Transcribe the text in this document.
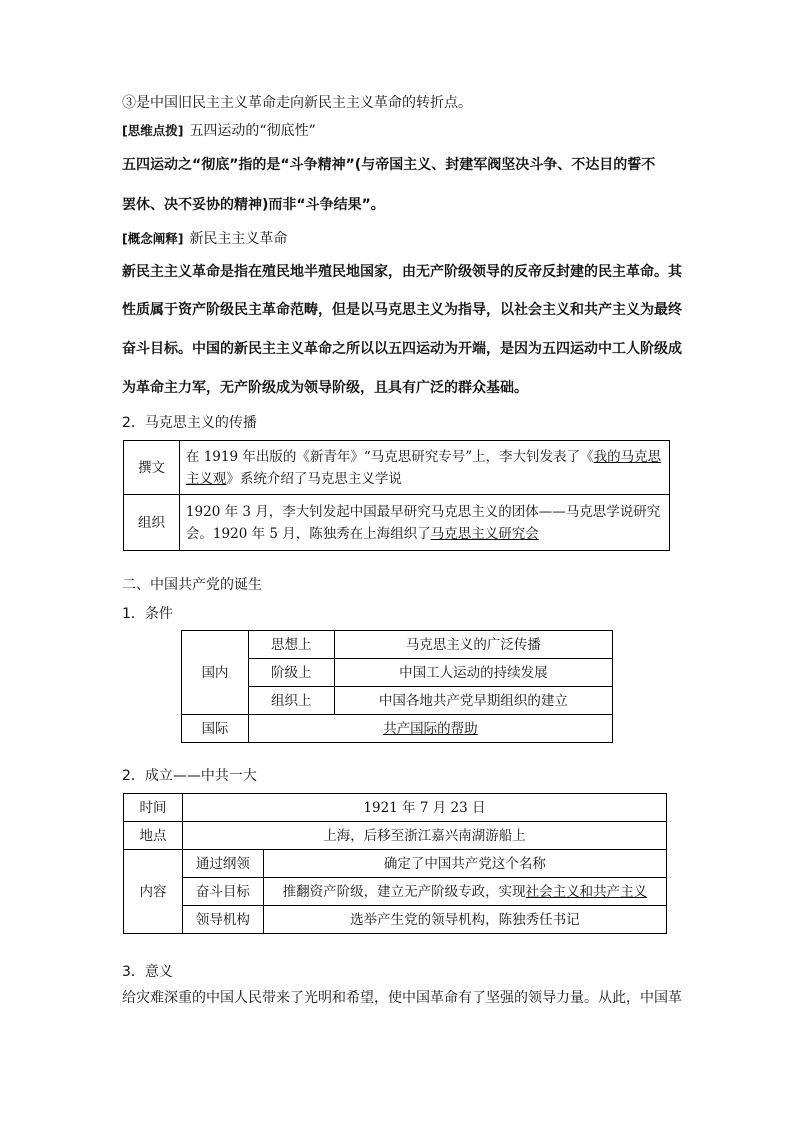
③是中国旧民主主义革命走向新民主主义革命的转折点。
[思维点拨] 五四运动的“彻底性”
五四运动之“彻底”指的是“斗争精神”(与帝国主义、封建军阀坚决斗争、不达目的誓不
罢休、决不妥协的精神)而非“斗争结果”。
[概念阐释] 新民主主义革命
新民主主义革命是指在殖民地半殖民地国家，由无产阶级领导的反帝反封建的民主革命。其
性质属于资产阶级民主革命范畴，但是以马克思主义为指导，以社会主义和共产主义为最终
奋斗目标。中国的新民主主义革命之所以以五四运动为开端，是因为五四运动中工人阶级成
为革命主力军，无产阶级成为领导阶级，且具有广泛的群众基础。
2．马克思主义的传播
撰文	在 1919 年出版的《新青年》“马克思研究专号”上，李大钊发表了《我的马克思主义观》系统介绍了马克思主义学说
组织	1920 年 3 月，李大钊发起中国最早研究马克思主义的团体——马克思学说研究会。1920 年 5 月，陈独秀在上海组织了马克思主义研究会
二、中国共产党的诞生
1．条件
国内	思想上	马克思主义的广泛传播
	阶级上	中国工人运动的持续发展
	组织上	中国各地共产党早期组织的建立
国际	共产国际的帮助	
2．成立——中共一大
时间	1921 年 7 月 23 日	
地点	上海，后移至浙江嘉兴南湖游船上	
内容	通过纲领	确定了中国共产党这个名称
	奋斗目标	推翻资产阶级，建立无产阶级专政，实现社会主义和共产主义
	领导机构	选举产生党的领导机构，陈独秀任书记
3．意义
给灾难深重的中国人民带来了光明和希望，使中国革命有了坚强的领导力量。从此，中国革
